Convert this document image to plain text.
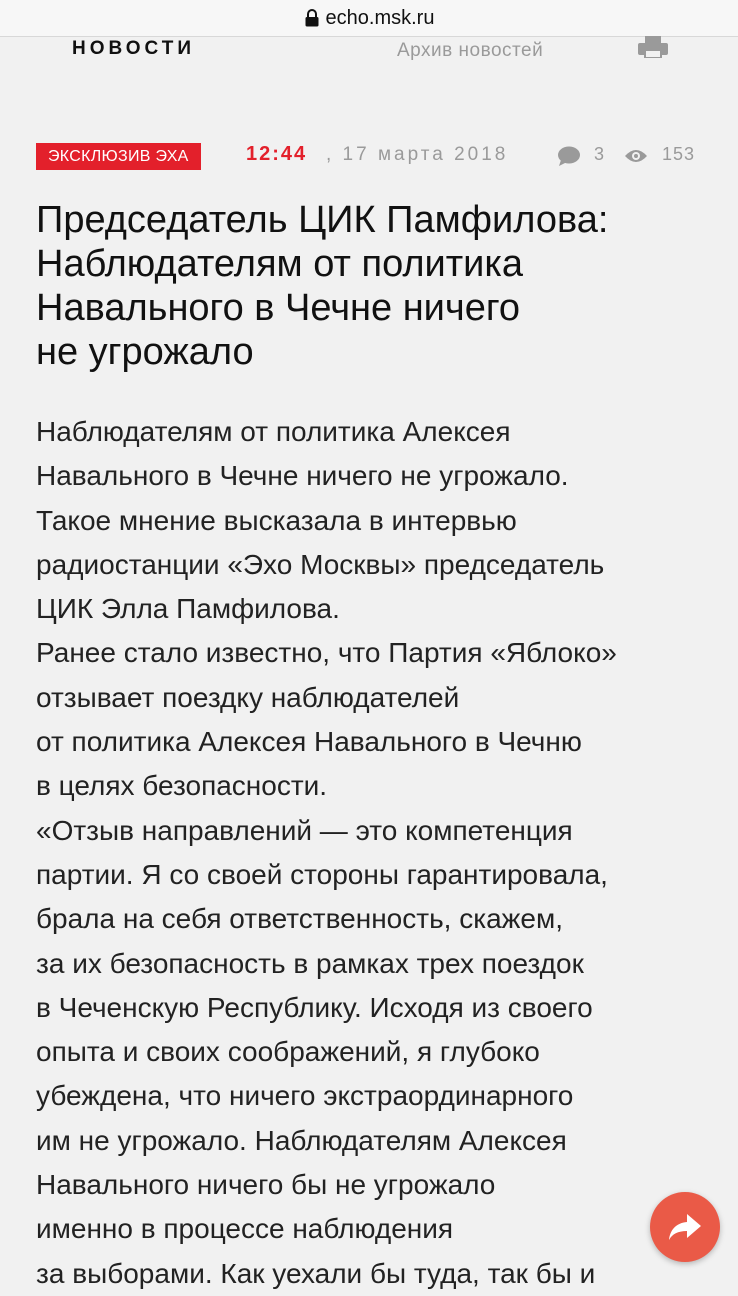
echo.msk.ru
НОВОСТИ	Архив новостей
ЭКСКЛЮЗИВ ЭХА	12:44 , 17 марта 2018	3	153
Председатель ЦИК Памфилова:
Наблюдателям от политика
Навального в Чечне ничего
не угрожало

Наблюдателям от политика Алексея
Навального в Чечне ничего не угрожало.
Такое мнение высказала в интервью
радиостанции «Эхо Москвы» председатель
ЦИК Элла Памфилова.

Ранее стало известно, что Партия «Яблоко»
отзывает поездку наблюдателей
от политика Алексея Навального в Чечню
в целях безопасности.

«Отзыв направлений — это компетенция
партии. Я со своей стороны гарантировала,
брала на себя ответственность, скажем,
за их безопасность в рамках трех поездок
в Чеченскую Республику. Исходя из своего
опыта и своих соображений, я глубоко
убеждена, что ничего экстраординарного
им не угрожало. Наблюдателям Алексея
Навального ничего бы не угрожало
именно в процессе наблюдения
за выборами. Как уехали бы туда, так бы и
